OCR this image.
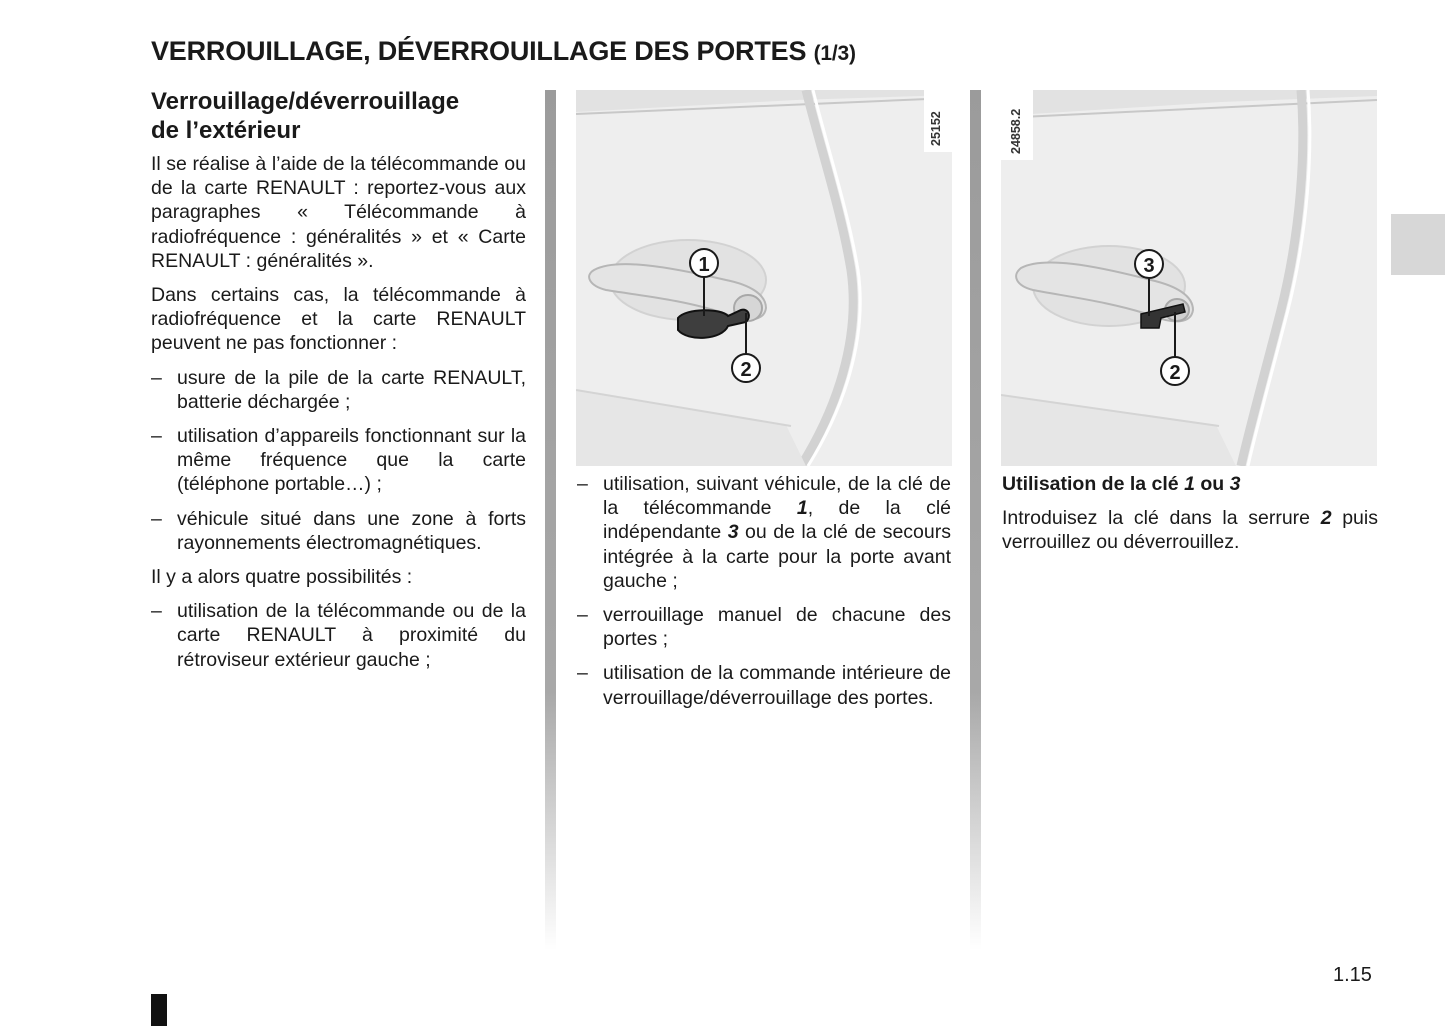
VERROUILLAGE, DÉVERROUILLAGE DES PORTES (1/3)
Verrouillage/déverrouillage
de l’extérieur

Il se réalise à l’aide de la télécommande ou de la carte RENAULT : reportez-vous aux paragraphes « Télécommande à radiofréquence : généralités » et « Carte RENAULT : généralités ».

Dans certains cas, la télécommande à radiofréquence et la carte RENAULT peuvent ne pas fonctionner :

– usure de la pile de la carte RENAULT, batterie déchargée ;
– utilisation d’appareils fonctionnant sur la même fréquence que la carte (téléphone portable…) ;
– véhicule situé dans une zone à forts rayonnements électromagnétiques.

Il y a alors quatre possibilités :

– utilisation de la télécommande ou de la carte RENAULT à proximité du rétroviseur extérieur gauche ;
1
2
25152
– utilisation, suivant véhicule, de la clé de la télécommande 1, de la clé indépendante 3 ou de la clé de secours intégrée à la carte pour la porte avant gauche ;
– verrouillage manuel de chacune des portes ;
– utilisation de la commande intérieure de verrouillage/déverrouillage des portes.
3
2
24858.2
Utilisation de la clé 1 ou 3

Introduisez la clé dans la serrure 2 puis verrouillez ou déverrouillez.

1.15
